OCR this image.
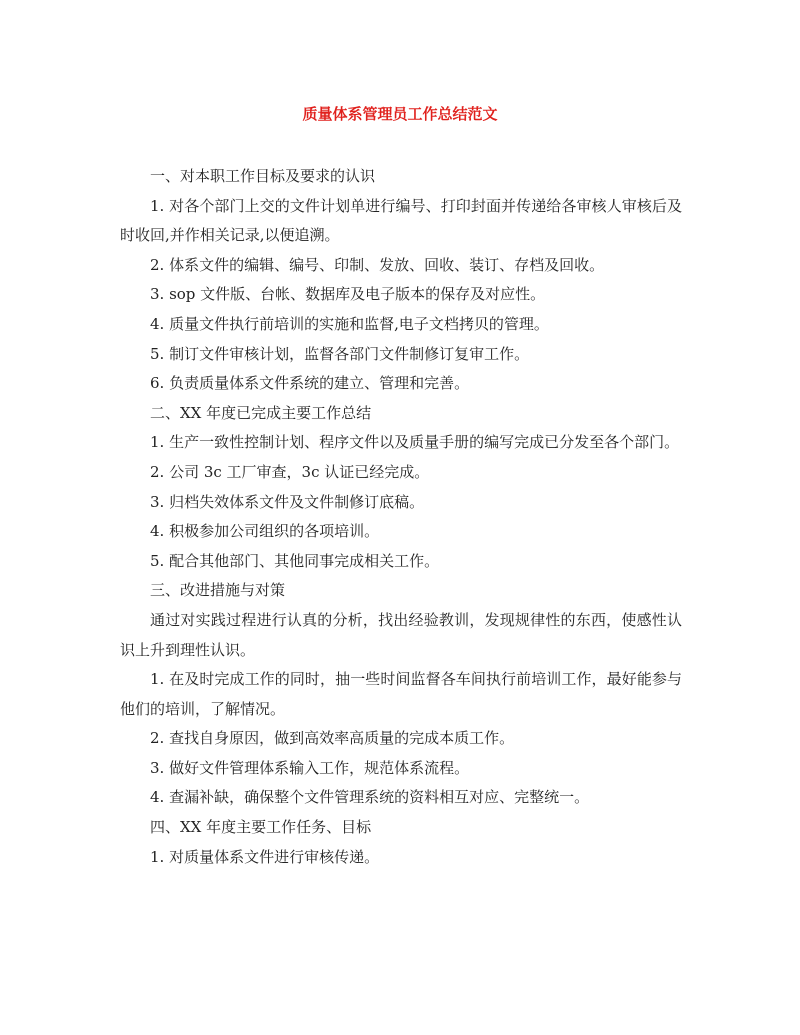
质量体系管理员工作总结范文

一、对本职工作目标及要求的认识

1. 对各个部门上交的文件计划单进行编号、打印封面并传递给各审核人审核后及时收回,并作相关记录,以便追溯。

2. 体系文件的编辑、编号、印制、发放、回收、装订、存档及回收。

3. sop 文件版、台帐、数据库及电子版本的保存及对应性。

4. 质量文件执行前培训的实施和监督,电子文档拷贝的管理。

5. 制订文件审核计划，监督各部门文件制修订复审工作。

6. 负责质量体系文件系统的建立、管理和完善。

二、XX 年度已完成主要工作总结

1. 生产一致性控制计划、程序文件以及质量手册的编写完成已分发至各个部门。

2. 公司 3c 工厂审查，3c 认证已经完成。

3. 归档失效体系文件及文件制修订底稿。

4. 积极参加公司组织的各项培训。

5. 配合其他部门、其他同事完成相关工作。

三、改进措施与对策

通过对实践过程进行认真的分析，找出经验教训，发现规律性的东西，使感性认识上升到理性认识。

1. 在及时完成工作的同时，抽一些时间监督各车间执行前培训工作，最好能参与他们的培训，了解情况。

2. 查找自身原因，做到高效率高质量的完成本质工作。

3. 做好文件管理体系输入工作，规范体系流程。

4. 查漏补缺，确保整个文件管理系统的资料相互对应、完整统一。

四、XX 年度主要工作任务、目标

1. 对质量体系文件进行审核传递。
